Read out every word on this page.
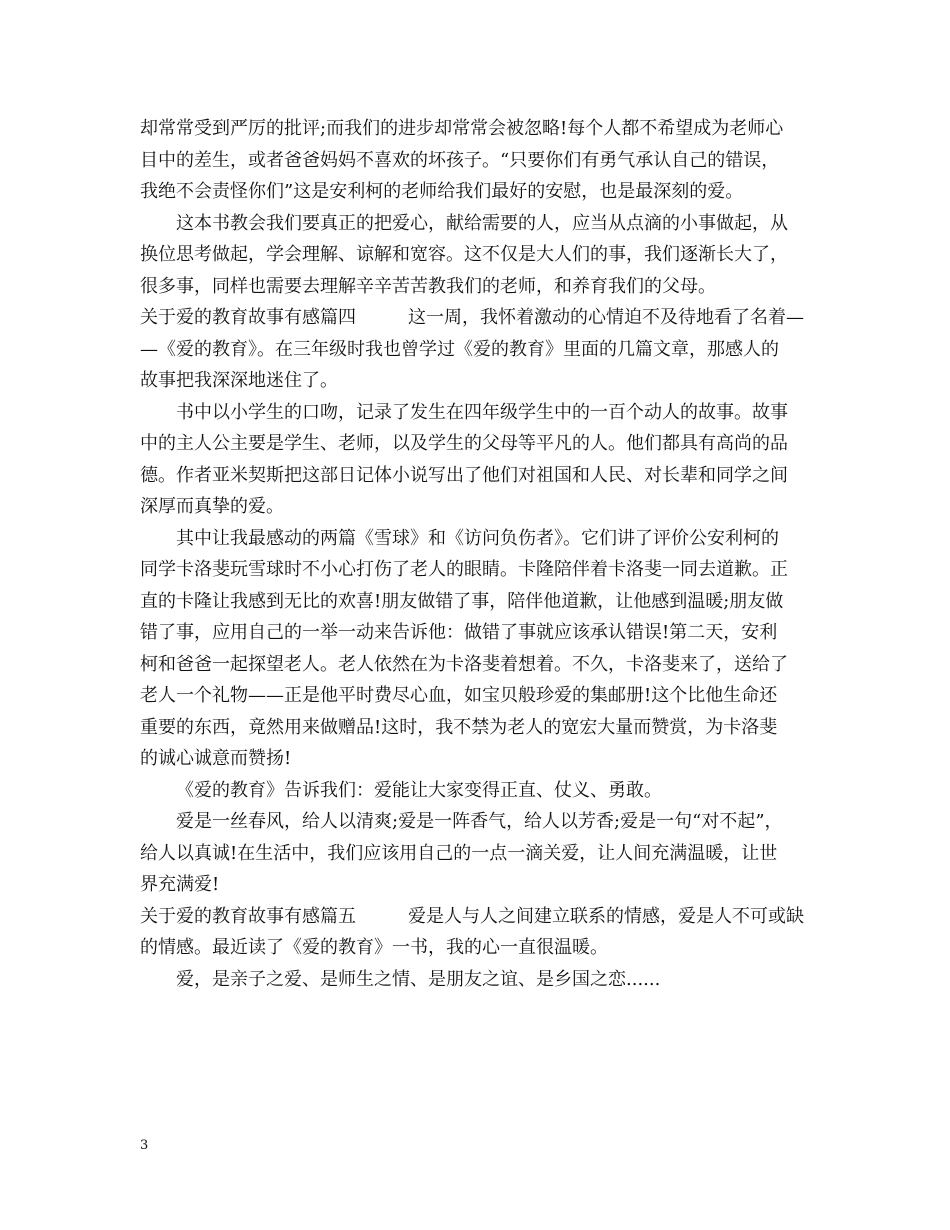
却常常受到严厉的批评;而我们的进步却常常会被忽略!每个人都不希望成为老师心
目中的差生，或者爸爸妈妈不喜欢的坏孩子。“只要你们有勇气承认自己的错误，
我绝不会责怪你们”这是安利柯的老师给我们最好的安慰，也是最深刻的爱。
这本书教会我们要真正的把爱心，献给需要的人，应当从点滴的小事做起，从
换位思考做起，学会理解、谅解和宽容。这不仅是大人们的事，我们逐渐长大了，
很多事，同样也需要去理解辛辛苦苦教我们的老师，和养育我们的父母。
关于爱的教育故事有感篇四	这一周，我怀着激动的心情迫不及待地看了名着—
—《爱的教育》。在三年级时我也曾学过《爱的教育》里面的几篇文章，那感人的
故事把我深深地迷住了。
书中以小学生的口吻，记录了发生在四年级学生中的一百个动人的故事。故事
中的主人公主要是学生、老师，以及学生的父母等平凡的人。他们都具有高尚的品
德。作者亚米契斯把这部日记体小说写出了他们对祖国和人民、对长辈和同学之间
深厚而真挚的爱。
其中让我最感动的两篇《雪球》和《访问负伤者》。它们讲了评价公安利柯的
同学卡洛斐玩雪球时不小心打伤了老人的眼睛。卡隆陪伴着卡洛斐一同去道歉。正
直的卡隆让我感到无比的欢喜!朋友做错了事，陪伴他道歉，让他感到温暖;朋友做
错了事，应用自己的一举一动来告诉他：做错了事就应该承认错误!第二天，安利
柯和爸爸一起探望老人。老人依然在为卡洛斐着想着。不久，卡洛斐来了，送给了
老人一个礼物——正是他平时费尽心血，如宝贝般珍爱的集邮册!这个比他生命还
重要的东西，竟然用来做赠品!这时，我不禁为老人的宽宏大量而赞赏，为卡洛斐
的诚心诚意而赞扬!
《爱的教育》告诉我们：爱能让大家变得正直、仗义、勇敢。
爱是一丝春风，给人以清爽;爱是一阵香气，给人以芳香;爱是一句“对不起”，
给人以真诚!在生活中，我们应该用自己的一点一滴关爱，让人间充满温暖，让世
界充满爱!
关于爱的教育故事有感篇五	爱是人与人之间建立联系的情感，爱是人不可或缺
的情感。最近读了《爱的教育》一书，我的心一直很温暖。
爱，是亲子之爱、是师生之情、是朋友之谊、是乡国之恋......
3
